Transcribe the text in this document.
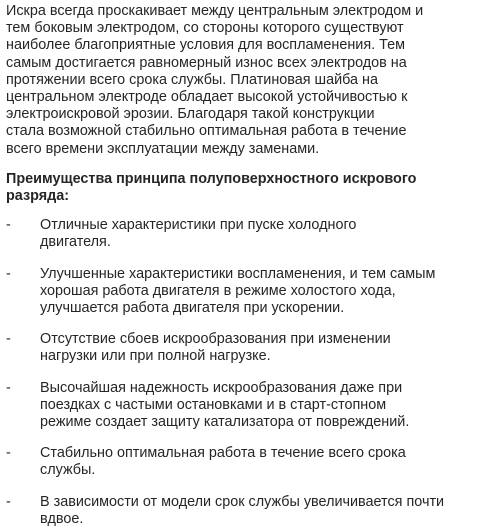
Искра всегда проскакивает между центральным электродом и
тем боковым электродом, со стороны которого существуют
наиболее благоприятные условия для воспламенения. Тем
самым достигается равномерный износ всех электродов на
протяжении всего срока службы. Платиновая шайба на
центральном электроде обладает высокой устойчивостью к
электроискровой эрозии. Благодаря такой конструкции
стала возможной стабильно оптимальная работа в течение
всего времени эксплуатации между заменами.

Преимущества принципа полуповерхностного искрового
разряда:

-	Отличные характеристики при пуске холодного
двигателя.
-	Улучшенные характеристики воспламенения, и тем самым
хорошая работа двигателя в режиме холостого хода,
улучшается работа двигателя при ускорении.
-	Отсутствие сбоев искрообразования при изменении
нагрузки или при полной нагрузке.
-	Высочайшая надежность искрообразования даже при
поездках с частыми остановками и в старт-стопном
режиме создает защиту катализатора от повреждений.
-	Стабильно оптимальная работа в течение всего срока
службы.
-	В зависимости от модели срок службы увеличивается почти
вдвое.
